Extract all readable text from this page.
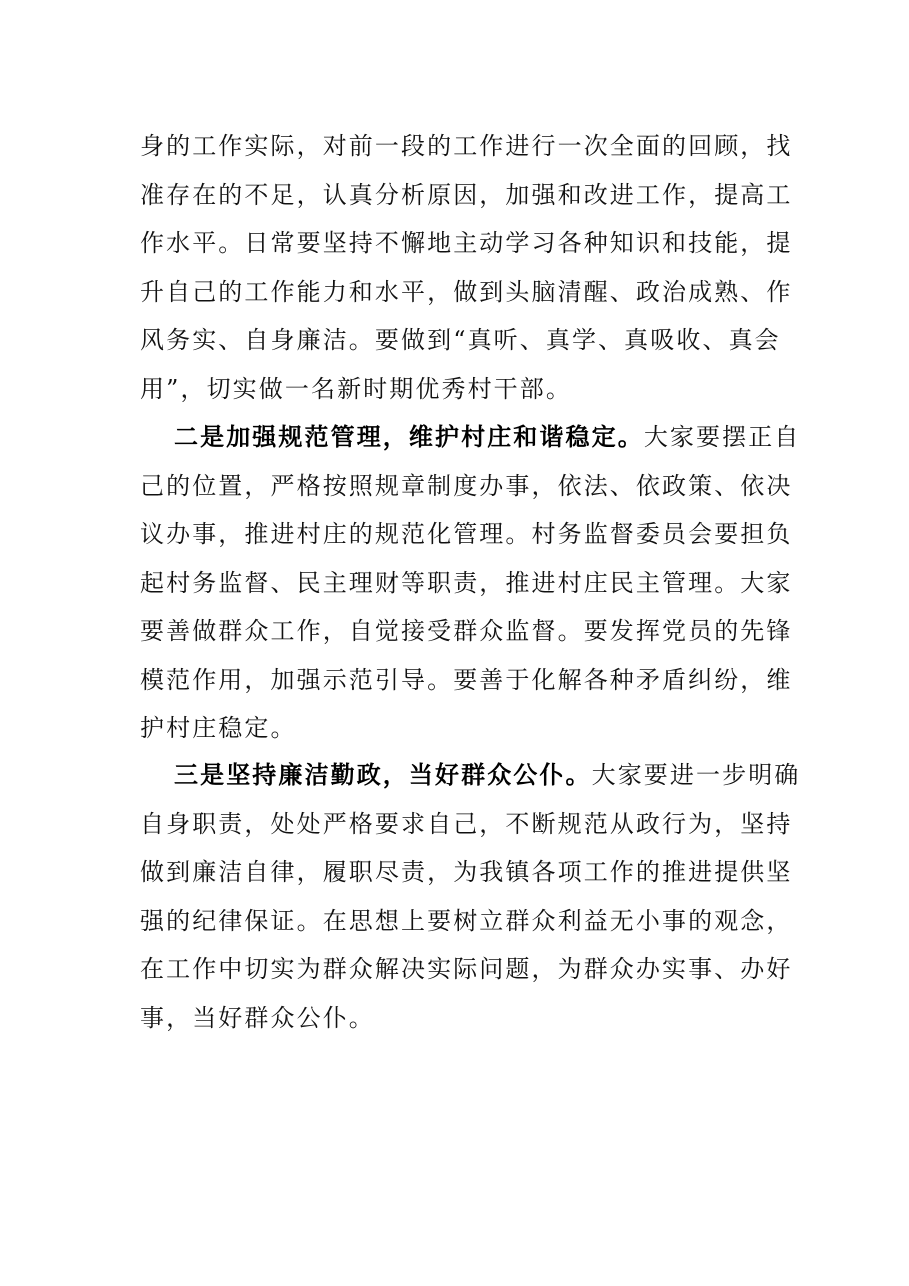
身的工作实际，对前一段的工作进行一次全面的回顾，找
准存在的不足，认真分析原因，加强和改进工作，提高工
作水平。日常要坚持不懈地主动学习各种知识和技能，提
升自己的工作能力和水平，做到头脑清醒、政治成熟、作
风务实、自身廉洁。要做到“真听、真学、真吸收、真会
用”，切实做一名新时期优秀村干部。
二是加强规范管理，维护村庄和谐稳定。大家要摆正自
己的位置，严格按照规章制度办事，依法、依政策、依决
议办事，推进村庄的规范化管理。村务监督委员会要担负
起村务监督、民主理财等职责，推进村庄民主管理。大家
要善做群众工作，自觉接受群众监督。要发挥党员的先锋
模范作用，加强示范引导。要善于化解各种矛盾纠纷，维
护村庄稳定。
三是坚持廉洁勤政，当好群众公仆。大家要进一步明确
自身职责，处处严格要求自己，不断规范从政行为，坚持
做到廉洁自律，履职尽责，为我镇各项工作的推进提供坚
强的纪律保证。在思想上要树立群众利益无小事的观念，
在工作中切实为群众解决实际问题，为群众办实事、办好
事，当好群众公仆。
